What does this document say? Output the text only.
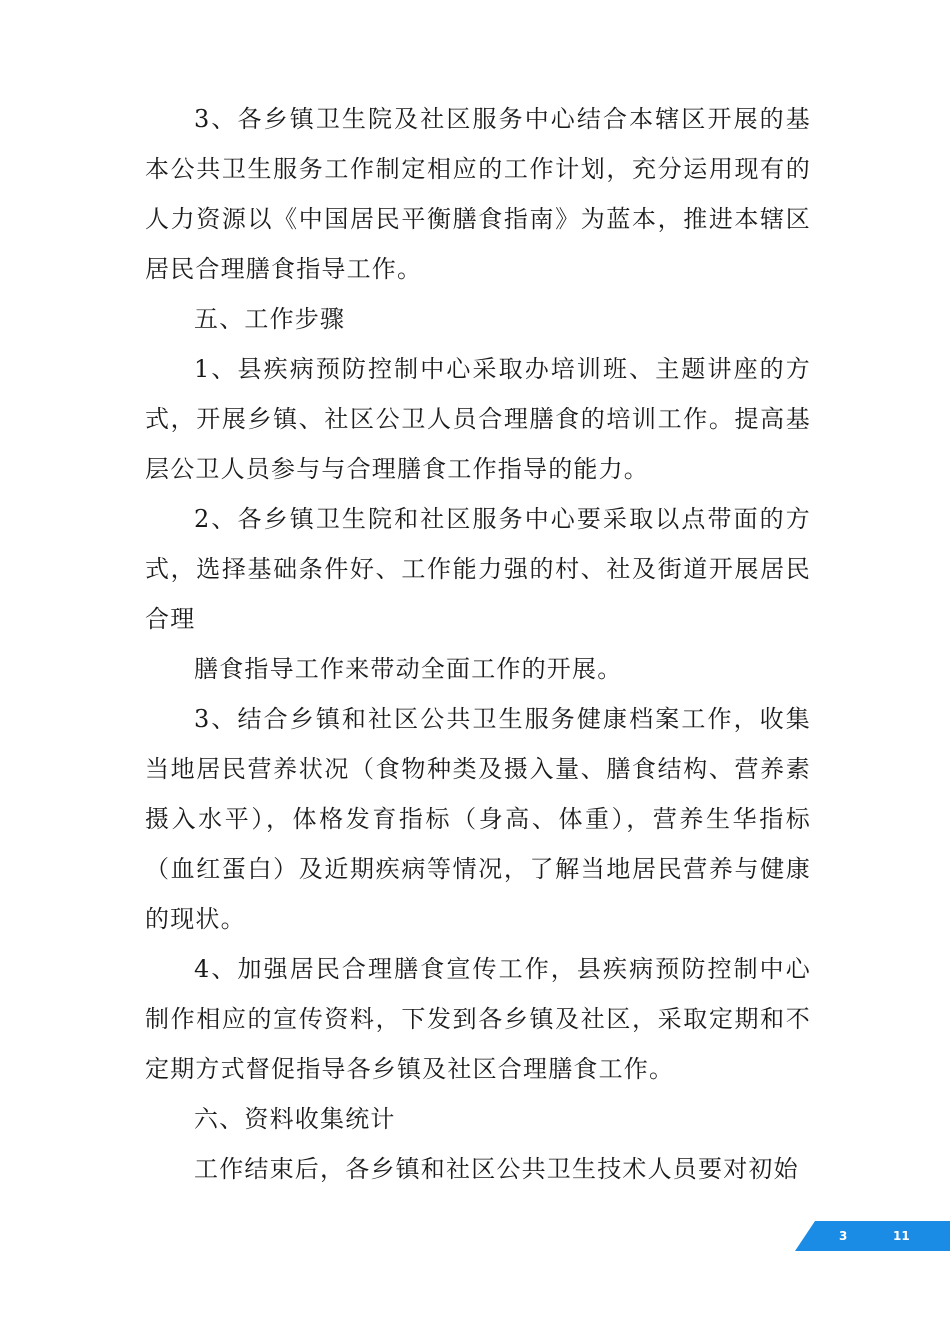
3、各乡镇卫生院及社区服务中心结合本辖区开展的基本公共卫生服务工作制定相应的工作计划，充分运用现有的人力资源以《中国居民平衡膳食指南》为蓝本，推进本辖区居民合理膳食指导工作。

五、工作步骤

1、县疾病预防控制中心采取办培训班、主题讲座的方式，开展乡镇、社区公卫人员合理膳食的培训工作。提高基层公卫人员参与与合理膳食工作指导的能力。

2、各乡镇卫生院和社区服务中心要采取以点带面的方式，选择基础条件好、工作能力强的村、社及街道开展居民合理

膳食指导工作来带动全面工作的开展。

3、结合乡镇和社区公共卫生服务健康档案工作，收集当地居民营养状况（食物种类及摄入量、膳食结构、营养素摄入水平），体格发育指标（身高、体重），营养生华指标（血红蛋白）及近期疾病等情况，了解当地居民营养与健康的现状。

4、加强居民合理膳食宣传工作，县疾病预防控制中心制作相应的宣传资料，下发到各乡镇及社区，采取定期和不定期方式督促指导各乡镇及社区合理膳食工作。

六、资料收集统计

工作结束后，各乡镇和社区公共卫生技术人员要对初始

3	11
